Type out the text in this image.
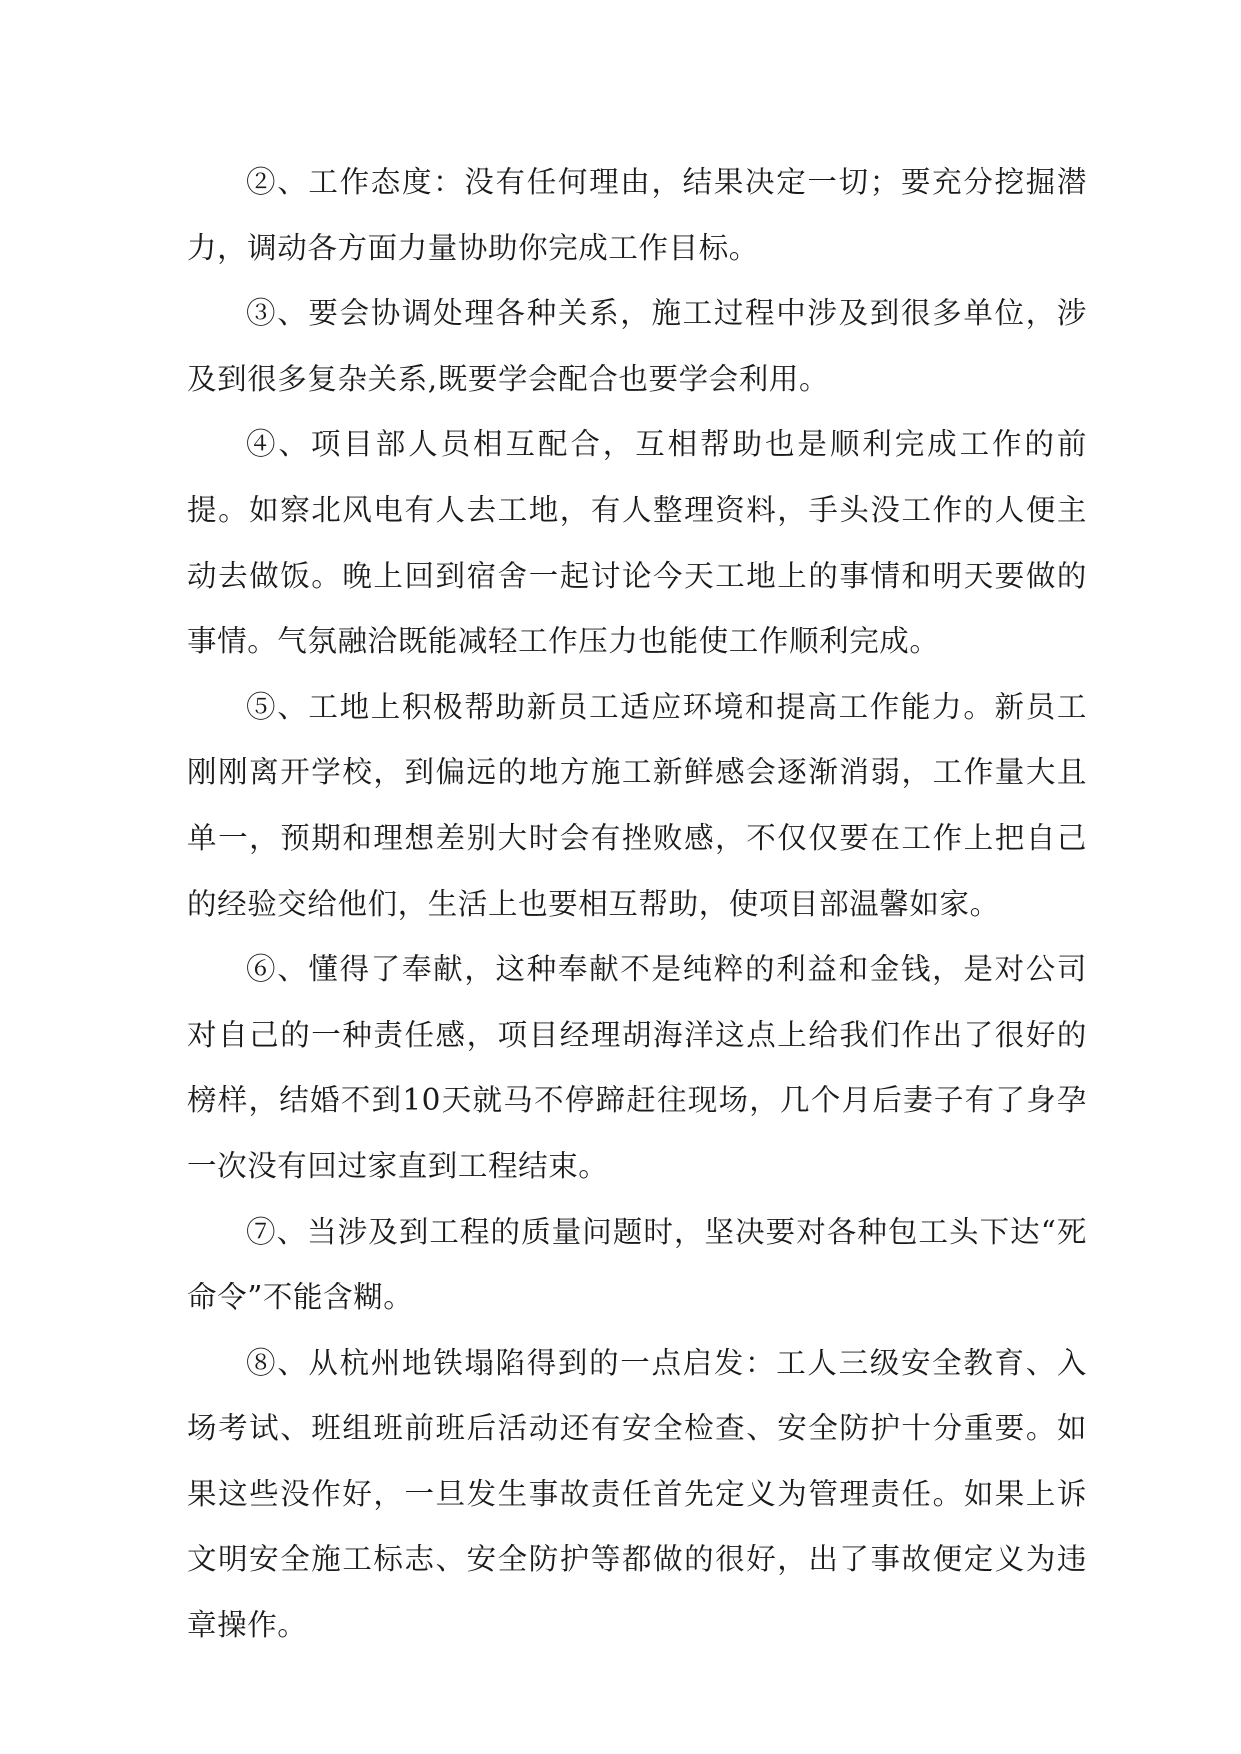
②、工作态度：没有任何理由，结果决定一切；要充分挖掘潜力，调动各方面力量协助你完成工作目标。

③、要会协调处理各种关系，施工过程中涉及到很多单位，涉及到很多复杂关系,既要学会配合也要学会利用。

④、项目部人员相互配合，互相帮助也是顺利完成工作的前提。如察北风电有人去工地，有人整理资料，手头没工作的人便主动去做饭。晚上回到宿舍一起讨论今天工地上的事情和明天要做的事情。气氛融洽既能减轻工作压力也能使工作顺利完成。

⑤、工地上积极帮助新员工适应环境和提高工作能力。新员工刚刚离开学校，到偏远的地方施工新鲜感会逐渐消弱，工作量大且单一，预期和理想差别大时会有挫败感，不仅仅要在工作上把自己的经验交给他们，生活上也要相互帮助，使项目部温馨如家。

⑥、懂得了奉献，这种奉献不是纯粹的利益和金钱，是对公司对自己的一种责任感，项目经理胡海洋这点上给我们作出了很好的榜样，结婚不到10天就马不停蹄赶往现场，几个月后妻子有了身孕一次没有回过家直到工程结束。

⑦、当涉及到工程的质量问题时，坚决要对各种包工头下达“死命令”不能含糊。

⑧、从杭州地铁塌陷得到的一点启发：工人三级安全教育、入场考试、班组班前班后活动还有安全检查、安全防护十分重要。如果这些没作好，一旦发生事故责任首先定义为管理责任。如果上诉文明安全施工标志、安全防护等都做的很好，出了事故便定义为违章操作。
